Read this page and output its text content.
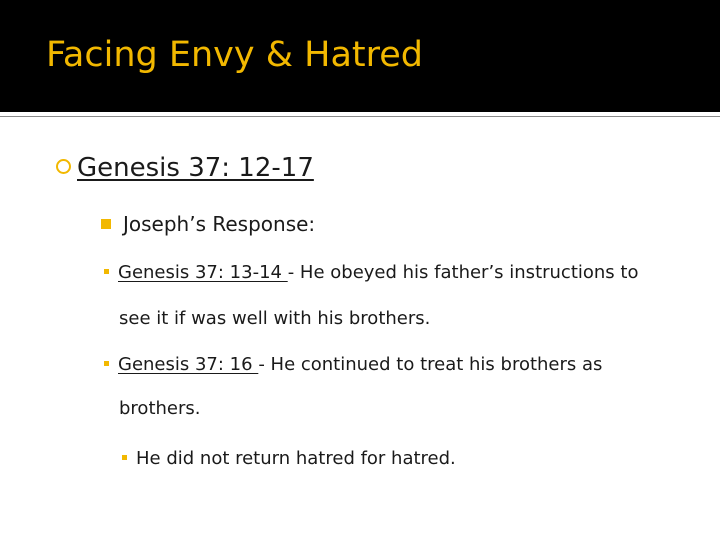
Facing Envy & Hatred
Genesis 37: 12-17
Joseph’s Response:
Genesis 37: 13-14 - He obeyed his father’s instructions to
see it if was well with his brothers.
Genesis 37: 16 - He continued to treat his brothers as
brothers.
He did not return hatred for hatred.
